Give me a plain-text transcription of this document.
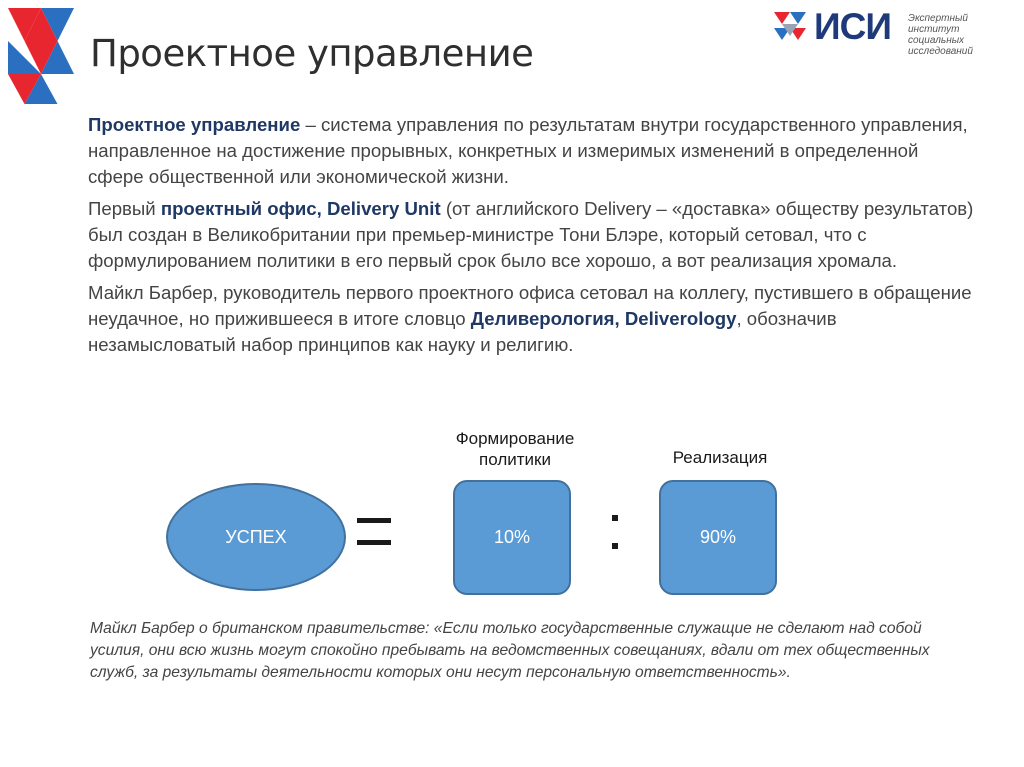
Проектное управление
ИСИ Экспертный институт социальных исследований

Проектное управление – система управления по результатам внутри государственного управления, направленное на достижение прорывных, конкретных и измеримых изменений в определенной сфере общественной или экономической жизни.

Первый проектный офис, Delivery Unit (от английского Delivery – «доставка» обществу результатов) был создан в Великобритании при премьер-министре Тони Блэре, который сетовал, что с формулированием политики в его первый срок было все хорошо, а вот реализация хромала.

Майкл Барбер, руководитель первого проектного офиса сетовал на коллегу, пустившего в обращение неудачное, но прижившееся в итоге словцо Деливерология, Deliverology, обозначив незамысловатый набор принципов как науку и религию.

Формирование политики	Реализация
УСПЕХ	10%	90%
Майкл Барбер о британском правительстве: «Если только государственные служащие не сделают над собой усилия, они всю жизнь могут спокойно пребывать на ведомственных совещаниях, вдали от тех общественных служб, за результаты деятельности которых они несут персональную ответственность».
